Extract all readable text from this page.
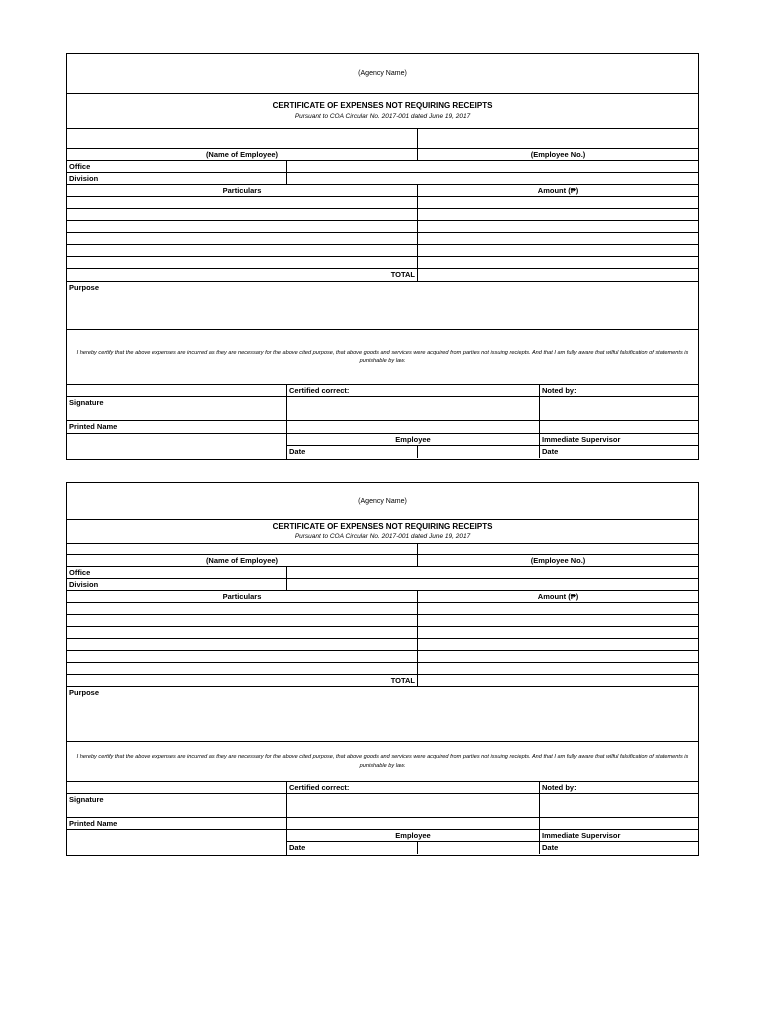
(Agency Name)
CERTIFICATE OF EXPENSES NOT REQUIRING RECEIPTS
Pursuant to COA Circular No. 2017-001 dated June 19, 2017
(Name of Employee)	(Employee No.)
Office
Division
Particulars	Amount (₱)
TOTAL
Purpose
I hereby certify that the above expenses are incurred as they are necessary for the above cited purpose, that above goods and services were acquired from parties not issuing reciepts. And that I am fully aware that wilful falsification of statements is punishable by law.
Certified correct:	Noted by:
Signature
Printed Name
Employee	Immediate Supervisor
Date	Date
(Agency Name)
CERTIFICATE OF EXPENSES NOT REQUIRING RECEIPTS
Pursuant to COA Circular No. 2017-001 dated June 19, 2017
(Name of Employee)	(Employee No.)
Office
Division
Particulars	Amount (₱)
TOTAL
Purpose
I hereby certify that the above expenses are incurred as they are necessary for the above cited purpose, that above goods and services were acquired from parties not issuing reciepts. And that I am fully aware that wilful falsification of statements is punishable by law.
Certified correct:	Noted by:
Signature
Printed Name
Employee	Immediate Supervisor
Date	Date
